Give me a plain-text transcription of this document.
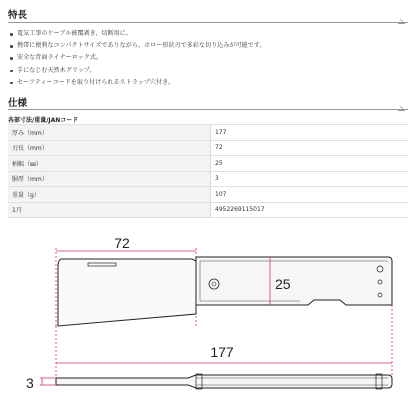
特長
電気工事のケーブル被覆剥き、切断用に。
携帯に便利なコンパクトサイズでありながら、ホロー形状刃で多彩な切り込みが可能です。
安全な背面ライナーロック式。
手になじむ天然木グリップ。
セーフティーコードを取り付けられるストラップ穴付き。
仕様
各部寸法/重量/JANコード
厚み（mm）	177
刃長（mm）	72
柄幅（㎜）	25
胴厚（mm）	3
重量（g）	107
1月	4952269115017
72
25
177
3
